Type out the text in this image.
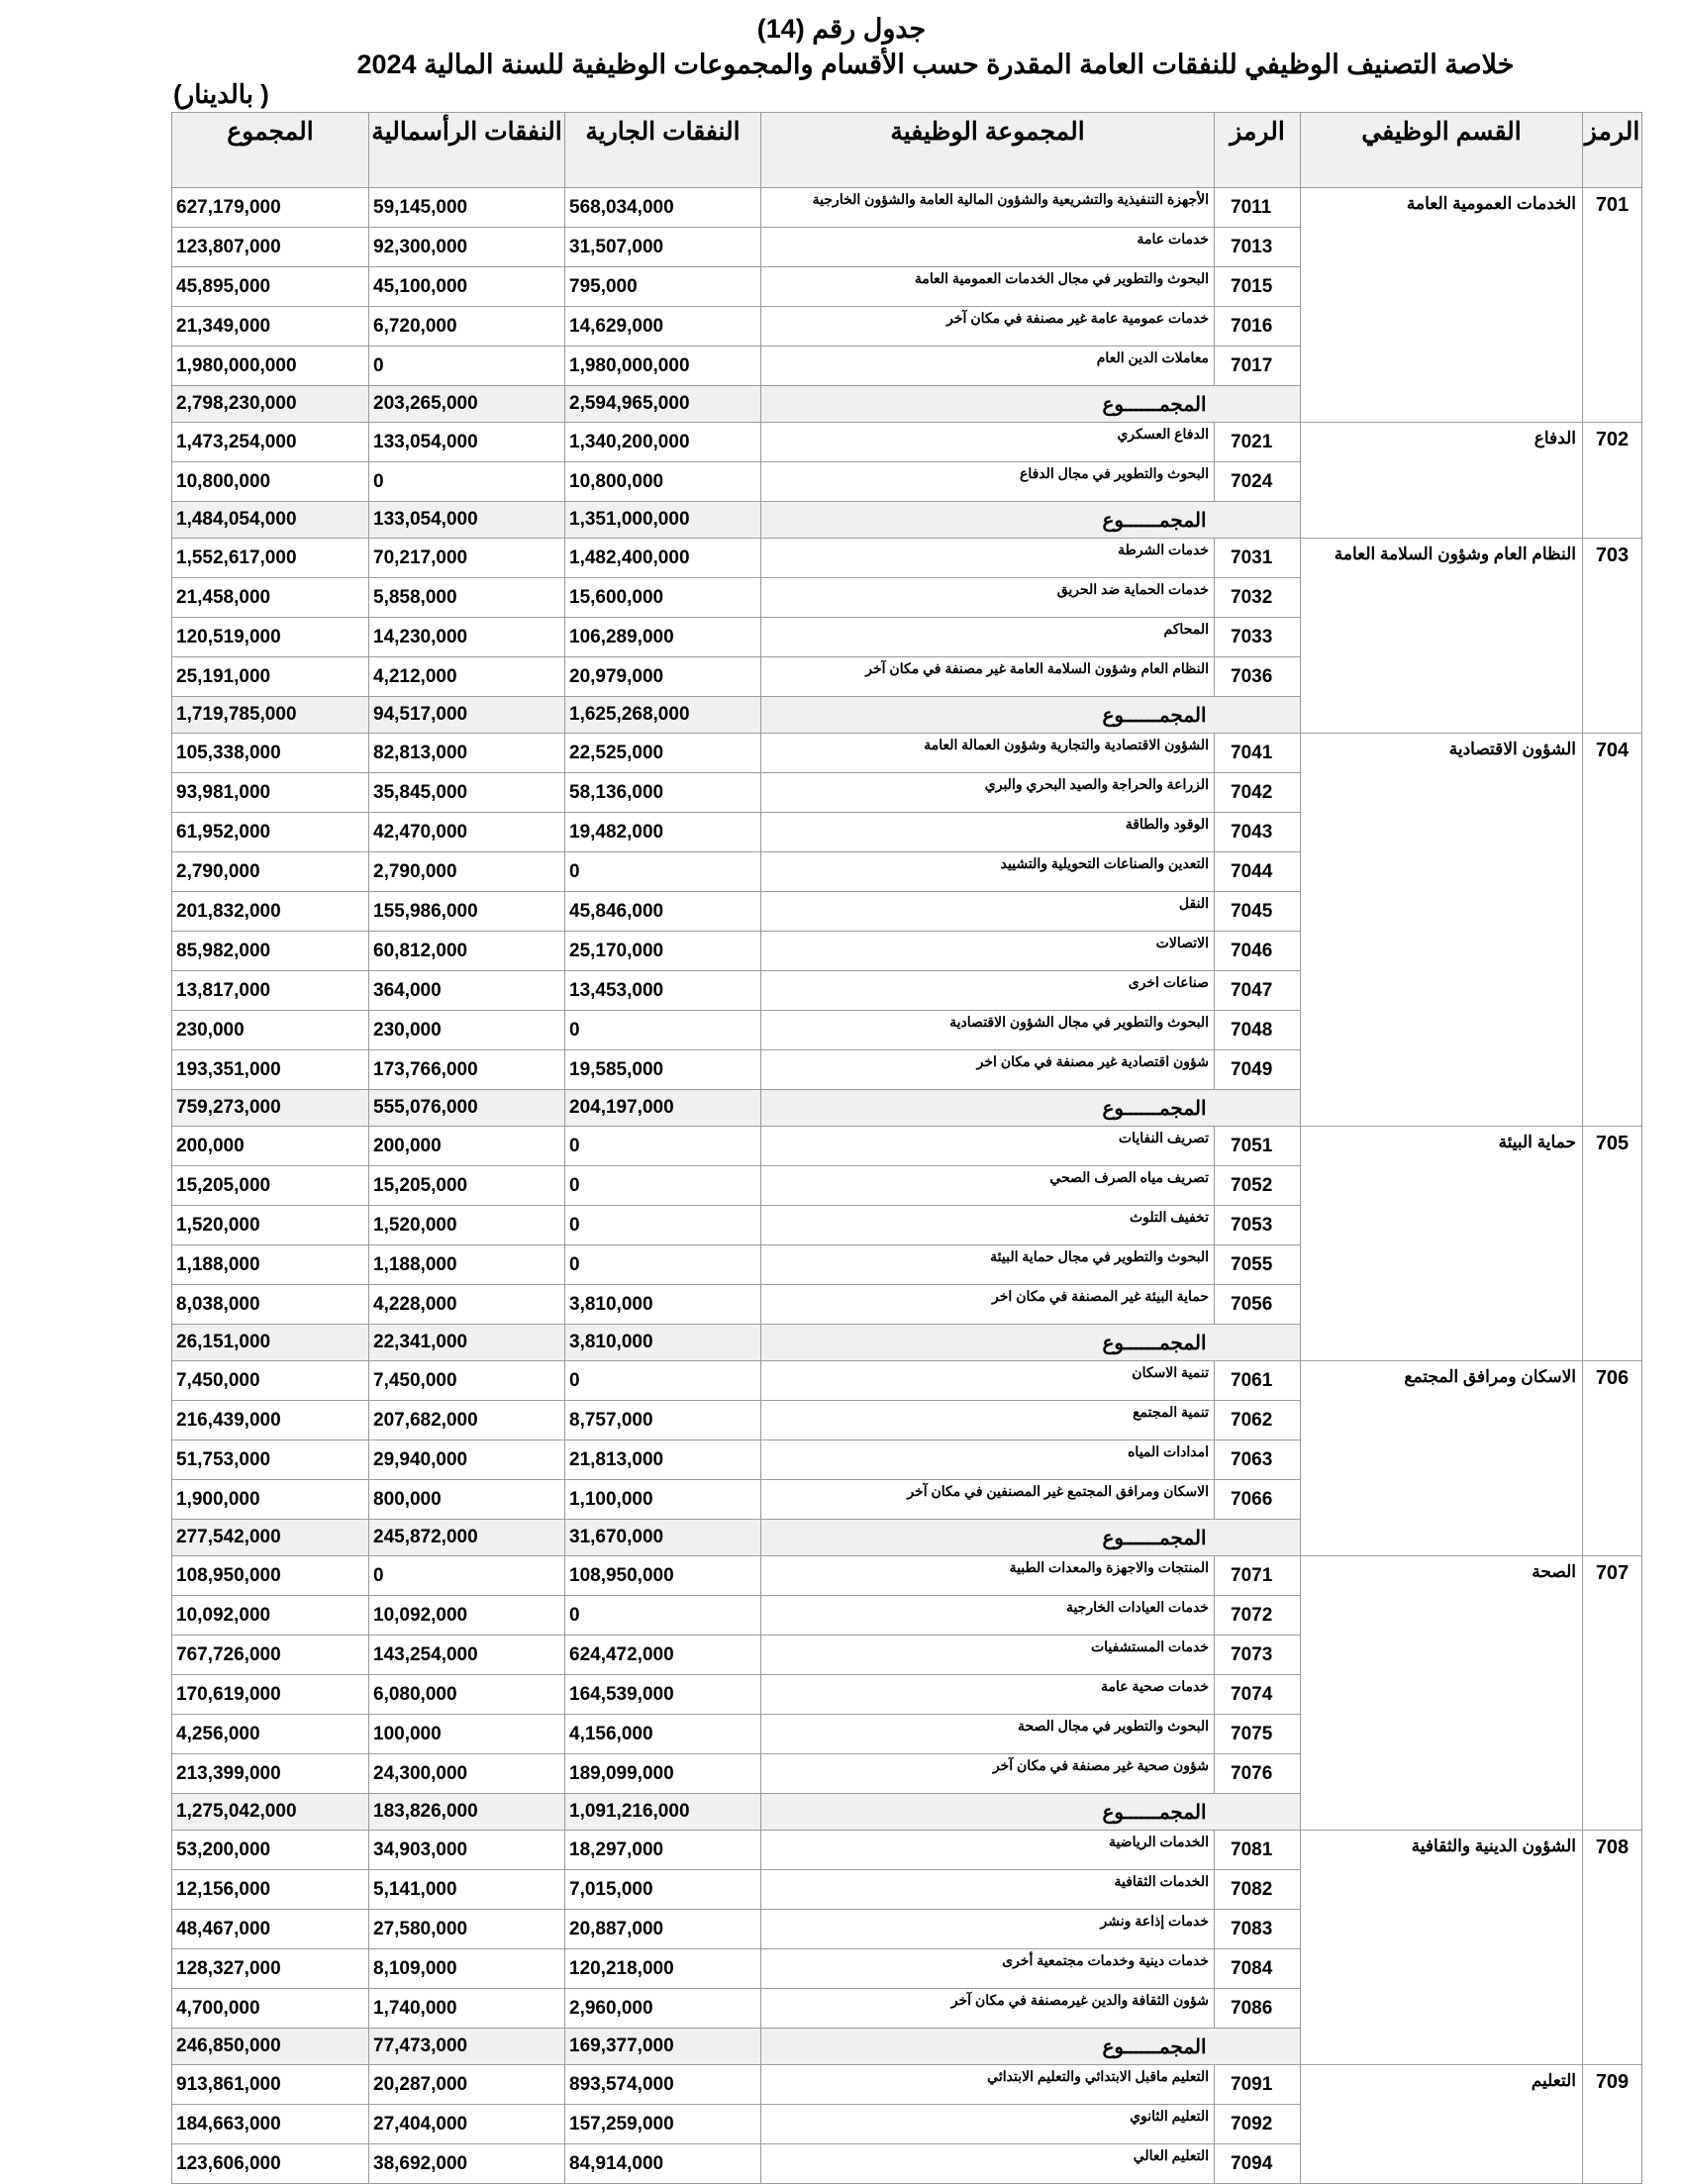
جدول رقم (14)
خلاصة التصنيف الوظيفي للنفقات العامة المقدرة حسب الأقسام والمجموعات الوظيفية للسنة المالية 2024
( بالدينار)
الرمز	القسم الوظيفي	الرمز	المجموعة الوظيفية	النفقات الجارية	النفقات الرأسمالية	المجموع
701	الخدمات العمومية العامة	7011	الأجهزة التنفيذية والتشريعية والشؤون المالية العامة والشؤون الخارجية	568,034,000	59,145,000	627,179,000
		7013	خدمات عامة	31,507,000	92,300,000	123,807,000
		7015	البحوث والتطوير في مجال الخدمات العمومية العامة	795,000	45,100,000	45,895,000
		7016	خدمات عمومية عامة غير مصنفة في مكان آخر	14,629,000	6,720,000	21,349,000
		7017	معاملات الدين العام	1,980,000,000	0	1,980,000,000
		المجمــــــوع		2,594,965,000	203,265,000	2,798,230,000
702	الدفاع	7021	الدفاع العسكري	1,340,200,000	133,054,000	1,473,254,000
		7024	البحوث والتطوير في مجال الدفاع	10,800,000	0	10,800,000
		المجمــــــوع		1,351,000,000	133,054,000	1,484,054,000
703	النظام العام وشؤون السلامة العامة	7031	خدمات الشرطة	1,482,400,000	70,217,000	1,552,617,000
		7032	خدمات الحماية ضد الحريق	15,600,000	5,858,000	21,458,000
		7033	المحاكم	106,289,000	14,230,000	120,519,000
		7036	النظام العام وشؤون السلامة العامة غير مصنفة في مكان آخر	20,979,000	4,212,000	25,191,000
		المجمــــــوع		1,625,268,000	94,517,000	1,719,785,000
704	الشؤون الاقتصادية	7041	الشؤون الاقتصادية والتجارية وشؤون العمالة العامة	22,525,000	82,813,000	105,338,000
		7042	الزراعة والحراجة والصيد البحري والبري	58,136,000	35,845,000	93,981,000
		7043	الوقود والطاقة	19,482,000	42,470,000	61,952,000
		7044	التعدين والصناعات التحويلية والتشييد	0	2,790,000	2,790,000
		7045	النقل	45,846,000	155,986,000	201,832,000
		7046	الاتصالات	25,170,000	60,812,000	85,982,000
		7047	صناعات اخرى	13,453,000	364,000	13,817,000
		7048	البحوث والتطوير في مجال الشؤون الاقتصادية	0	230,000	230,000
		7049	شؤون اقتصادية غير مصنفة في مكان اخر	19,585,000	173,766,000	193,351,000
		المجمــــــوع		204,197,000	555,076,000	759,273,000
705	حماية البيئة	7051	تصريف النفايات	0	200,000	200,000
		7052	تصريف مياه الصرف الصحي	0	15,205,000	15,205,000
		7053	تخفيف التلوث	0	1,520,000	1,520,000
		7055	البحوث والتطوير في مجال حماية البيئة	0	1,188,000	1,188,000
		7056	حماية البيئة غير المصنفة في مكان اخر	3,810,000	4,228,000	8,038,000
		المجمــــــوع		3,810,000	22,341,000	26,151,000
706	الاسكان ومرافق المجتمع	7061	تنمية الاسكان	0	7,450,000	7,450,000
		7062	تنمية المجتمع	8,757,000	207,682,000	216,439,000
		7063	امدادات المياه	21,813,000	29,940,000	51,753,000
		7066	الاسكان ومرافق المجتمع غير المصنفين في مكان آخر	1,100,000	800,000	1,900,000
		المجمــــــوع		31,670,000	245,872,000	277,542,000
707	الصحة	7071	المنتجات والاجهزة والمعدات الطبية	108,950,000	0	108,950,000
		7072	خدمات العيادات الخارجية	0	10,092,000	10,092,000
		7073	خدمات المستشفيات	624,472,000	143,254,000	767,726,000
		7074	خدمات صحية عامة	164,539,000	6,080,000	170,619,000
		7075	البحوث والتطوير في مجال الصحة	4,156,000	100,000	4,256,000
		7076	شؤون صحية غير مصنفة في مكان آخر	189,099,000	24,300,000	213,399,000
		المجمــــــوع		1,091,216,000	183,826,000	1,275,042,000
708	الشؤون الدينية والثقافية	7081	الخدمات الرياضية	18,297,000	34,903,000	53,200,000
		7082	الخدمات الثقافية	7,015,000	5,141,000	12,156,000
		7083	خدمات إذاعة ونشر	20,887,000	27,580,000	48,467,000
		7084	خدمات دينية وخدمات مجتمعية أخرى	120,218,000	8,109,000	128,327,000
		7086	شؤون الثقافة والدين غيرمصنفة في مكان آخر	2,960,000	1,740,000	4,700,000
		المجمــــــوع		169,377,000	77,473,000	246,850,000
709	التعليم	7091	التعليم ماقبل الابتدائي والتعليم الابتدائي	893,574,000	20,287,000	913,861,000
		7092	التعليم الثانوي	157,259,000	27,404,000	184,663,000
		7094	التعليم العالي	84,914,000	38,692,000	123,606,000
